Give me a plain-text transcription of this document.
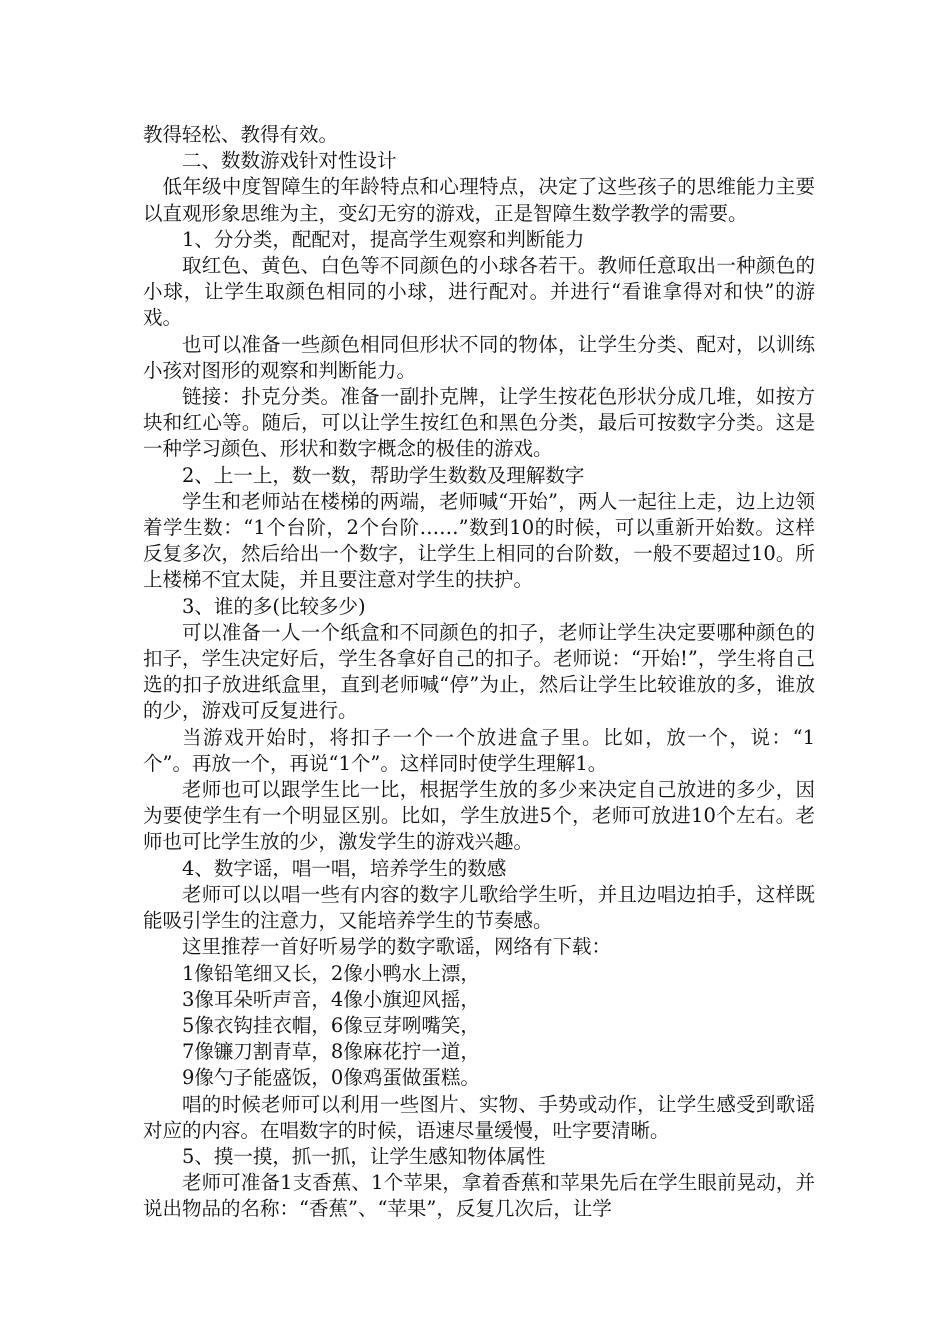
教得轻松、教得有效。

二、数数游戏针对性设计

低年级中度智障生的年龄特点和心理特点，决定了这些孩子的思维能力主要以直观形象思维为主，变幻无穷的游戏，正是智障生数学教学的需要。

1、分分类，配配对，提高学生观察和判断能力

取红色、黄色、白色等不同颜色的小球各若干。教师任意取出一种颜色的小球，让学生取颜色相同的小球，进行配对。并进行“看谁拿得对和快”的游戏。

也可以准备一些颜色相同但形状不同的物体，让学生分类、配对，以训练小孩对图形的观察和判断能力。

链接：扑克分类。准备一副扑克牌，让学生按花色形状分成几堆，如按方块和红心等。随后，可以让学生按红色和黑色分类，最后可按数字分类。这是一种学习颜色、形状和数字概念的极佳的游戏。

2、上一上，数一数，帮助学生数数及理解数字

学生和老师站在楼梯的两端，老师喊“开始”，两人一起往上走，边上边领着学生数：“1个台阶，2个台阶……”数到10的时候，可以重新开始数。这样反复多次，然后给出一个数字，让学生上相同的台阶数，一般不要超过10。所上楼梯不宜太陡，并且要注意对学生的扶护。

3、谁的多(比较多少)

可以准备一人一个纸盒和不同颜色的扣子，老师让学生决定要哪种颜色的扣子，学生决定好后，学生各拿好自己的扣子。老师说：“开始!”，学生将自己选的扣子放进纸盒里，直到老师喊“停”为止，然后让学生比较谁放的多，谁放的少，游戏可反复进行。

当游戏开始时，将扣子一个一个放进盒子里。比如，放一个，说：“1个”。再放一个，再说“1个”。这样同时使学生理解1。

老师也可以跟学生比一比，根据学生放的多少来决定自己放进的多少，因为要使学生有一个明显区别。比如，学生放进5个，老师可放进10个左右。老师也可比学生放的少，激发学生的游戏兴趣。

4、数字谣，唱一唱，培养学生的数感

老师可以以唱一些有内容的数字儿歌给学生听，并且边唱边拍手，这样既能吸引学生的注意力，又能培养学生的节奏感。

这里推荐一首好听易学的数字歌谣，网络有下载：

1像铅笔细又长，2像小鸭水上漂，

3像耳朵听声音，4像小旗迎风摇，

5像衣钩挂衣帽，6像豆芽咧嘴笑，

7像镰刀割青草，8像麻花拧一道，

9像勺子能盛饭，0像鸡蛋做蛋糕。

唱的时候老师可以利用一些图片、实物、手势或动作，让学生感受到歌谣对应的内容。在唱数字的时候，语速尽量缓慢，吐字要清晰。

5、摸一摸，抓一抓，让学生感知物体属性

老师可准备1支香蕉、1个苹果，拿着香蕉和苹果先后在学生眼前晃动，并说出物品的名称：“香蕉”、“苹果”，反复几次后，让学
